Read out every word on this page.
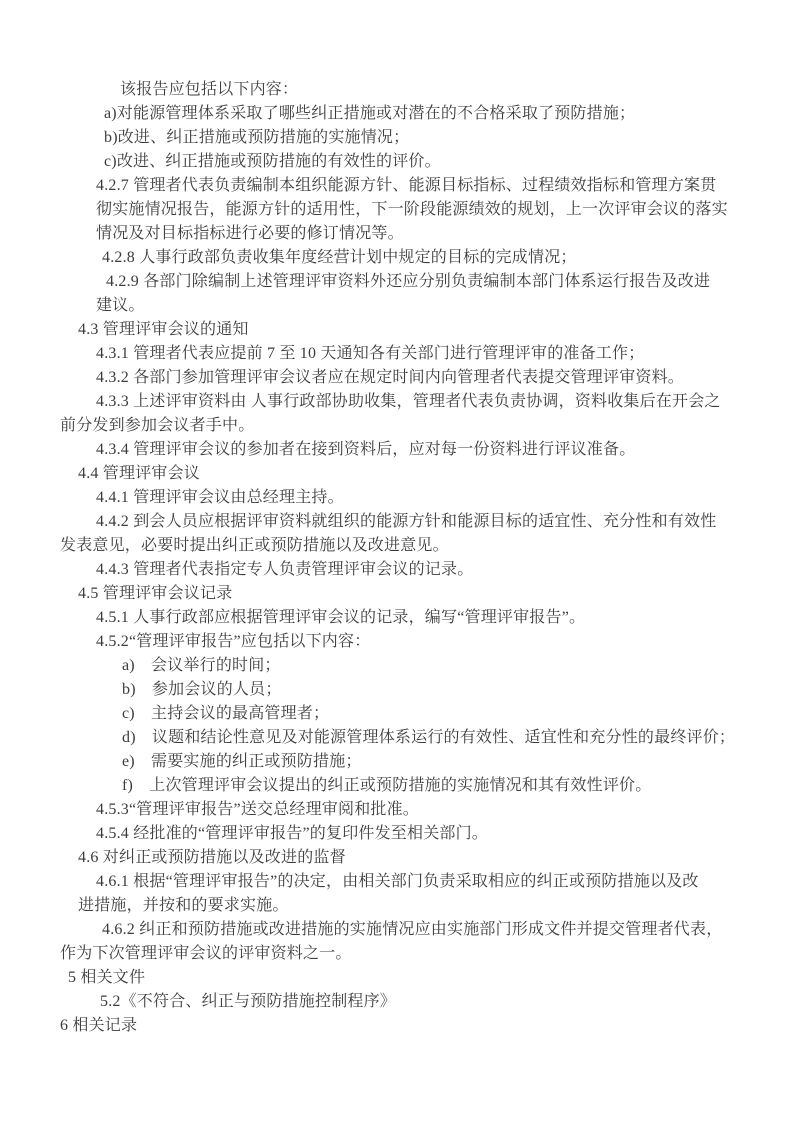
该报告应包括以下内容：
a)对能源管理体系采取了哪些纠正措施或对潜在的不合格采取了预防措施；
b)改进、纠正措施或预防措施的实施情况；
c)改进、纠正措施或预防措施的有效性的评价。
4.2.7 管理者代表负责编制本组织能源方针、能源目标指标、过程绩效指标和管理方案贯
彻实施情况报告，能源方针的适用性，下一阶段能源绩效的规划，上一次评审会议的落实
情况及对目标指标进行必要的修订情况等。
4.2.8 人事行政部负责收集年度经营计划中规定的目标的完成情况；
4.2.9 各部门除编制上述管理评审资料外还应分别负责编制本部门体系运行报告及改进
建议。
4.3 管理评审会议的通知
4.3.1 管理者代表应提前 7 至 10 天通知各有关部门进行管理评审的准备工作；
4.3.2 各部门参加管理评审会议者应在规定时间内向管理者代表提交管理评审资料。
4.3.3 上述评审资料由 人事行政部协助收集，管理者代表负责协调，资料收集后在开会之
前分发到参加会议者手中。
4.3.4 管理评审会议的参加者在接到资料后，应对每一份资料进行评议准备。
4.4 管理评审会议
4.4.1 管理评审会议由总经理主持。
4.4.2 到会人员应根据评审资料就组织的能源方针和能源目标的适宜性、充分性和有效性
发表意见，必要时提出纠正或预防措施以及改进意见。
4.4.3 管理者代表指定专人负责管理评审会议的记录。
4.5 管理评审会议记录
4.5.1 人事行政部应根据管理评审会议的记录，编写“管理评审报告”。
4.5.2“管理评审报告”应包括以下内容：
a)　会议举行的时间；
b)　参加会议的人员；
c)　主持会议的最高管理者；
d)　议题和结论性意见及对能源管理体系运行的有效性、适宜性和充分性的最终评价；
e)　需要实施的纠正或预防措施；
f)　上次管理评审会议提出的纠正或预防措施的实施情况和其有效性评价。
4.5.3“管理评审报告”送交总经理审阅和批准。
4.5.4 经批准的“管理评审报告”的复印件发至相关部门。
4.6 对纠正或预防措施以及改进的监督
4.6.1 根据“管理评审报告”的决定，由相关部门负责采取相应的纠正或预防措施以及改
进措施，并按和的要求实施。
4.6.2 纠正和预防措施或改进措施的实施情况应由实施部门形成文件并提交管理者代表，
作为下次管理评审会议的评审资料之一。
5 相关文件
5.2《不符合、纠正与预防措施控制程序》
6 相关记录
